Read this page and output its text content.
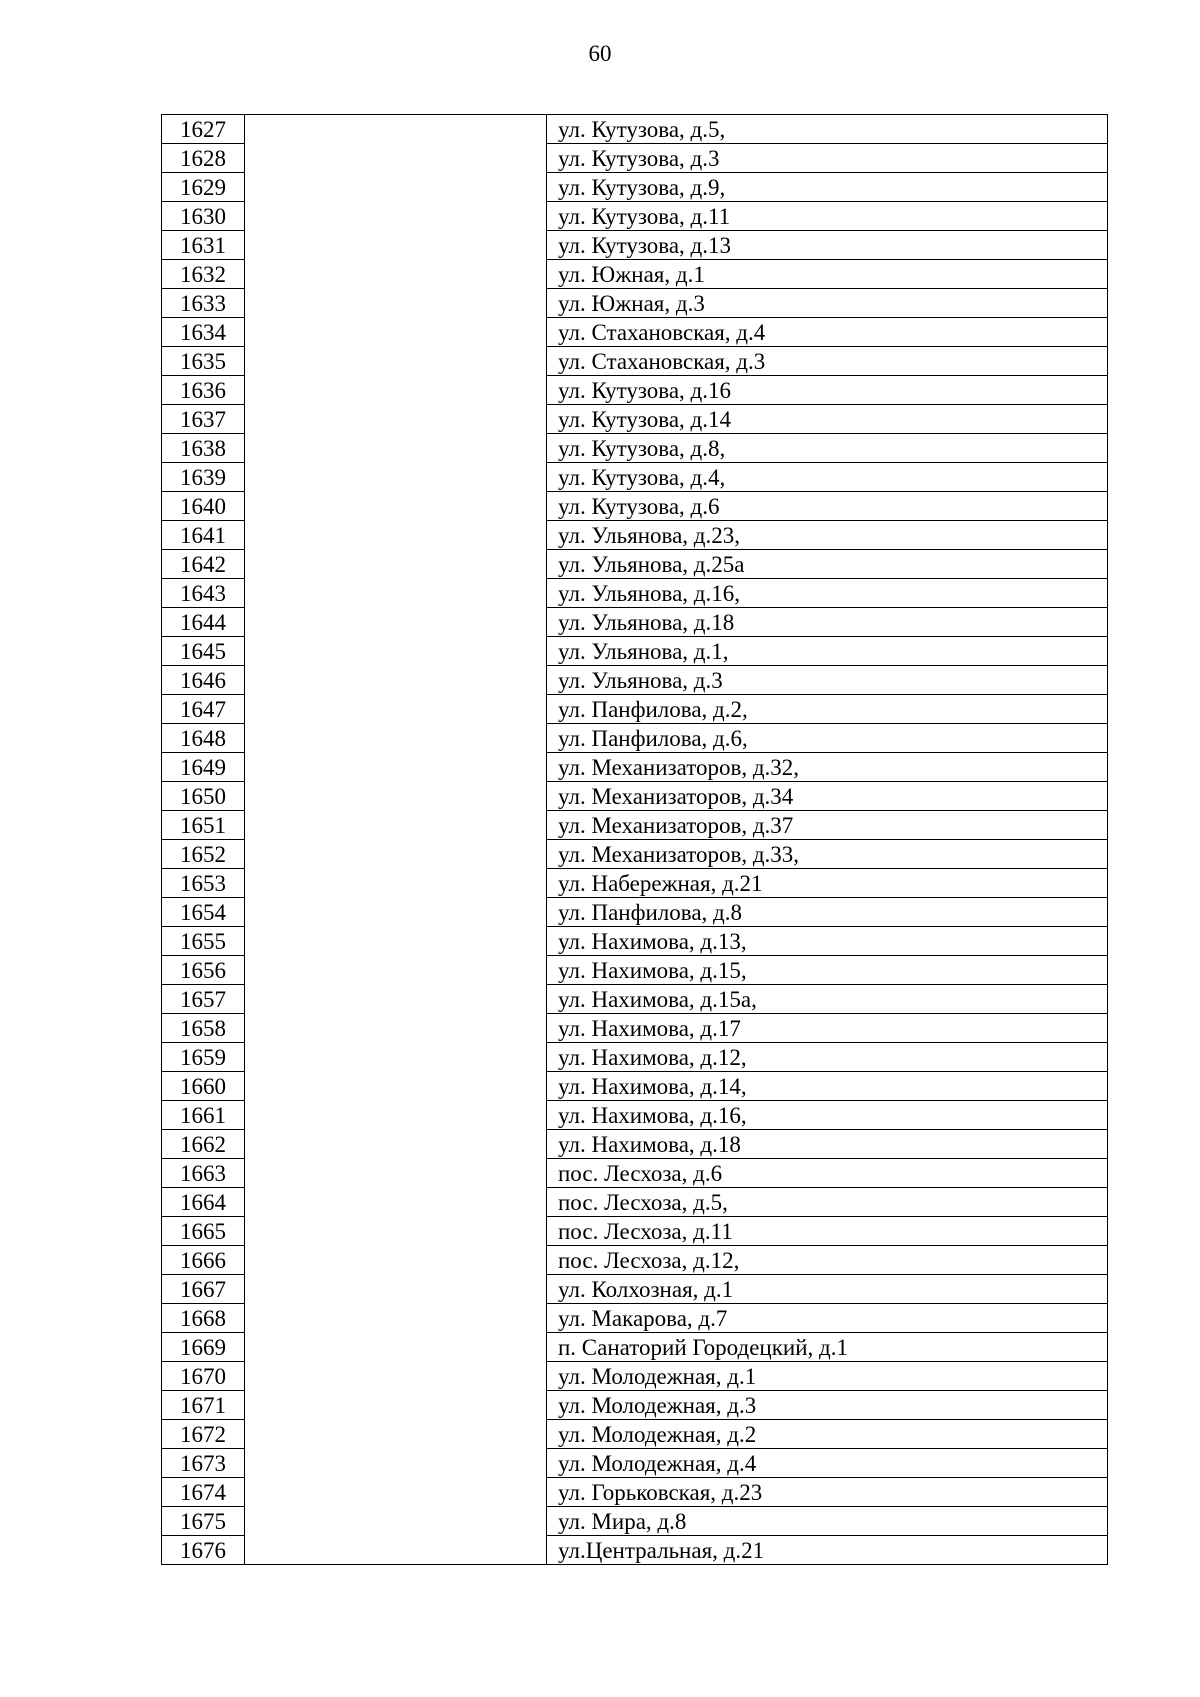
60
1627		ул. Кутузова, д.5,
1628		ул. Кутузова, д.3
1629		ул. Кутузова, д.9,
1630		ул. Кутузова, д.11
1631		ул. Кутузова, д.13
1632		ул. Южная, д.1
1633		ул. Южная, д.3
1634		ул. Стахановская, д.4
1635		ул. Стахановская, д.3
1636		ул. Кутузова, д.16
1637		ул. Кутузова, д.14
1638		ул. Кутузова, д.8,
1639		ул. Кутузова, д.4,
1640		ул. Кутузова, д.6
1641		ул. Ульянова, д.23,
1642		ул. Ульянова, д.25а
1643		ул. Ульянова, д.16,
1644		ул. Ульянова, д.18
1645		ул. Ульянова, д.1,
1646		ул. Ульянова, д.3
1647		ул. Панфилова, д.2,
1648		ул. Панфилова, д.6,
1649		ул. Механизаторов, д.32,
1650		ул. Механизаторов, д.34
1651		ул. Механизаторов, д.37
1652		ул. Механизаторов, д.33,
1653		ул. Набережная, д.21
1654		ул. Панфилова, д.8
1655		ул. Нахимова, д.13,
1656		ул. Нахимова, д.15,
1657		ул. Нахимова, д.15а,
1658		ул. Нахимова, д.17
1659		ул. Нахимова, д.12,
1660		ул. Нахимова, д.14,
1661		ул. Нахимова, д.16,
1662		ул. Нахимова, д.18
1663		пос. Лесхоза, д.6
1664		пос. Лесхоза, д.5,
1665		пос. Лесхоза, д.11
1666		пос. Лесхоза, д.12,
1667		ул. Колхозная, д.1
1668		ул. Макарова, д.7
1669		п. Санаторий Городецкий, д.1
1670		ул. Молодежная, д.1
1671		ул. Молодежная, д.3
1672		ул. Молодежная, д.2
1673		ул. Молодежная, д.4
1674		ул. Горьковская, д.23
1675		ул. Мира, д.8
1676		ул.Центральная, д.21
